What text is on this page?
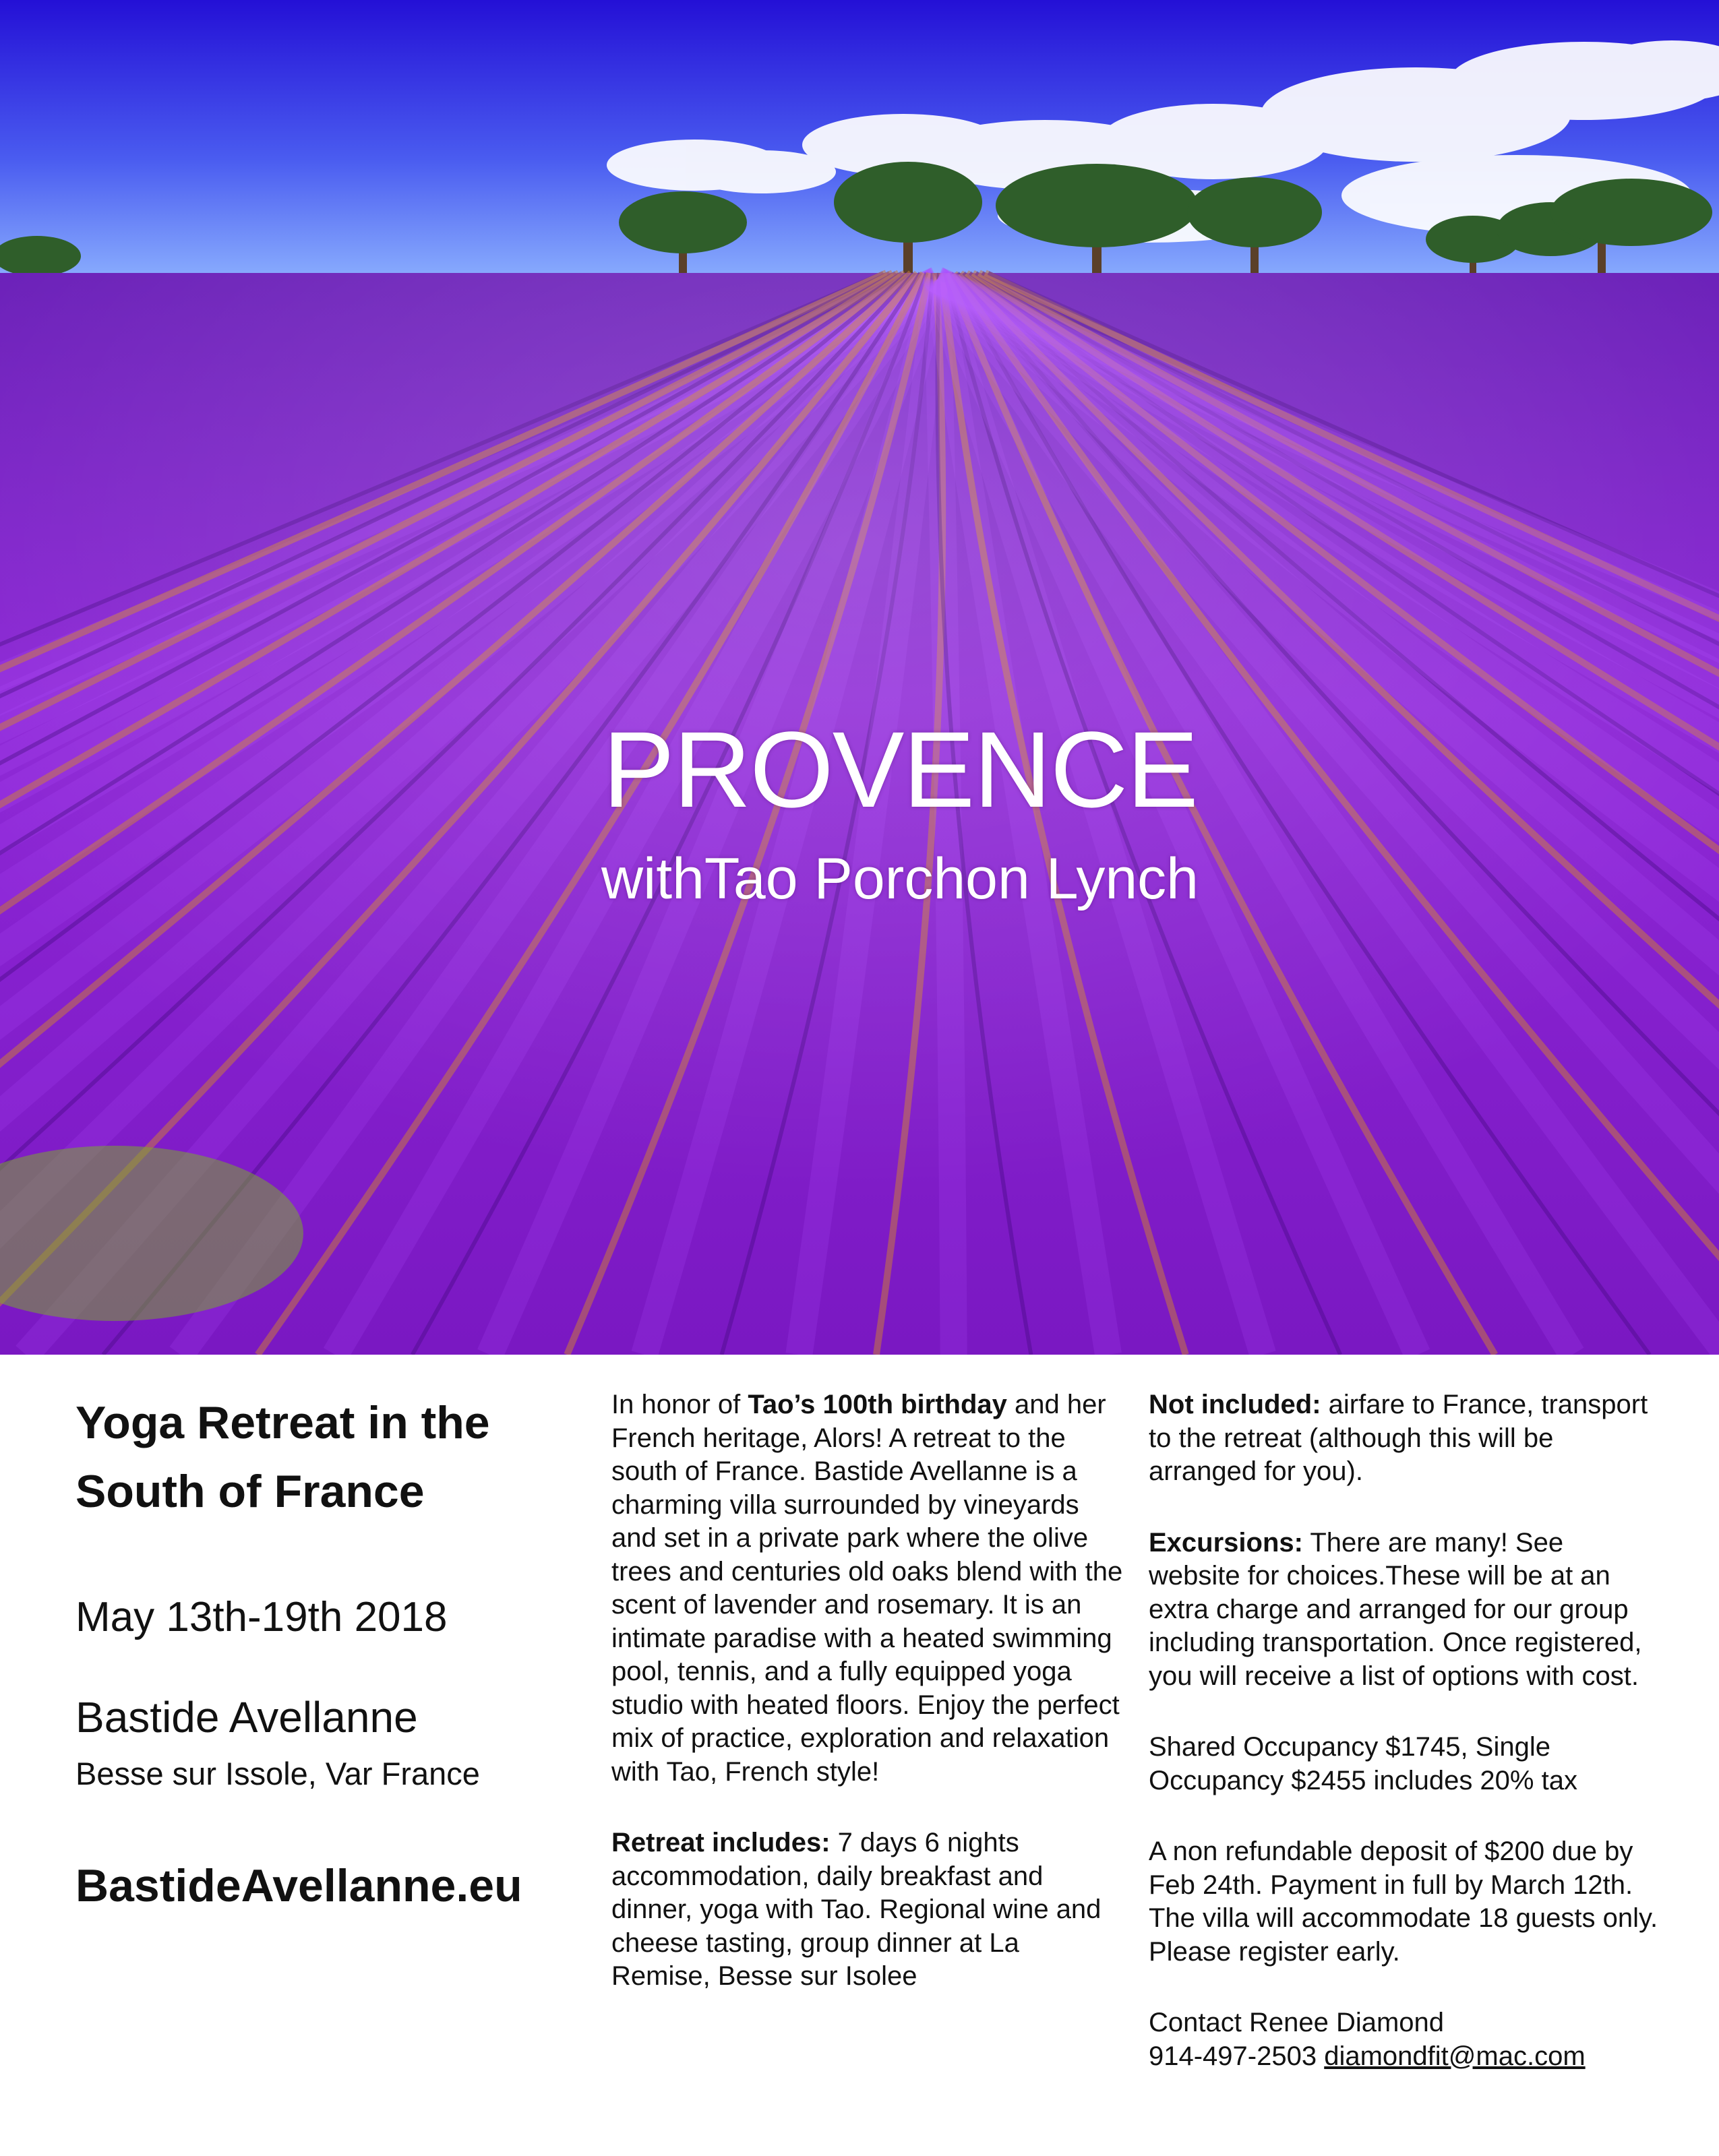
PROVENCE
withTao Porchon Lynch

Yoga Retreat in the
South of France

May 13th-19th 2018
Bastide Avellanne
Besse sur Issole, Var France
BastideAvellanne.eu

In honor of Tao’s 100th birthday and her French heritage, Alors! A retreat to the south of France. Bastide Avellanne is a charming villa surrounded by vineyards and set in a private park where the olive trees and centuries old oaks blend with the scent of lavender and rosemary. It is an intimate paradise with a heated swimming pool, tennis, and a fully equipped yoga studio with heated floors. Enjoy the perfect mix of practice, exploration and relaxation with Tao, French style!

Retreat includes: 7 days 6 nights accommodation, daily breakfast and dinner, yoga with Tao. Regional wine and cheese tasting, group dinner at La Remise, Besse sur Isolee

Not included: airfare to France, transport to the retreat (although this will be arranged for you).

Excursions: There are many! See website for choices.These will be at an extra charge and arranged for our group including transportation. Once registered, you will receive a list of options with cost.

Shared Occupancy $1745, Single Occupancy $2455 includes 20% tax

A non refundable deposit of $200 due by Feb 24th. Payment in full by March 12th. The villa will accommodate 18 guests only. Please register early.

Contact Renee Diamond
914-497-2503 diamondfit@mac.com
